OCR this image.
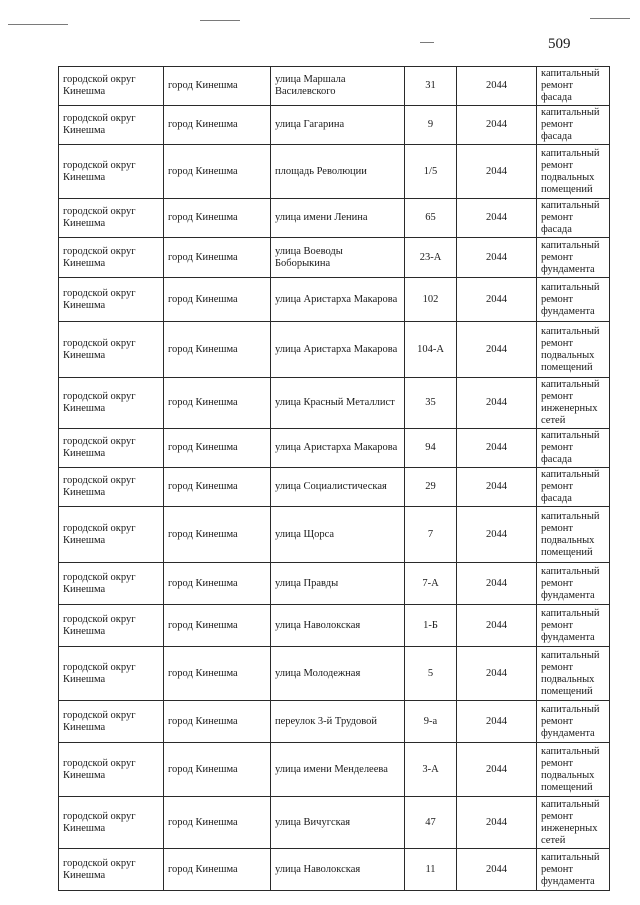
509
городской округ Кинешма	город Кинешма	улица Маршала Василевского	31	2044	капитальный ремонт фасада
городской округ Кинешма	город Кинешма	улица Гагарина	9	2044	капитальный ремонт фасада
городской округ Кинешма	город Кинешма	площадь Революции	1/5	2044	капитальный ремонт подвальных помещений
городской округ Кинешма	город Кинешма	улица имени Ленина	65	2044	капитальный ремонт фасада
городской округ Кинешма	город Кинешма	улица Воеводы Боборыкина	23-А	2044	капитальный ремонт фундамента
городской округ Кинешма	город Кинешма	улица Аристарха Макарова	102	2044	капитальный ремонт фундамента
городской округ Кинешма	город Кинешма	улица Аристарха Макарова	104-А	2044	капитальный ремонт подвальных помещений
городской округ Кинешма	город Кинешма	улица Красный Металлист	35	2044	капитальный ремонт инженерных сетей
городской округ Кинешма	город Кинешма	улица Аристарха Макарова	94	2044	капитальный ремонт фасада
городской округ Кинешма	город Кинешма	улица Социалистическая	29	2044	капитальный ремонт фасада
городской округ Кинешма	город Кинешма	улица Щорса	7	2044	капитальный ремонт подвальных помещений
городской округ Кинешма	город Кинешма	улица Правды	7-А	2044	капитальный ремонт фундамента
городской округ Кинешма	город Кинешма	улица Наволокская	1-Б	2044	капитальный ремонт фундамента
городской округ Кинешма	город Кинешма	улица Молодежная	5	2044	капитальный ремонт подвальных помещений
городской округ Кинешма	город Кинешма	переулок 3-й Трудовой	9-а	2044	капитальный ремонт фундамента
городской округ Кинешма	город Кинешма	улица имени Менделеева	3-А	2044	капитальный ремонт подвальных помещений
городской округ Кинешма	город Кинешма	улица Вичугская	47	2044	капитальный ремонт инженерных сетей
городской округ Кинешма	город Кинешма	улица Наволокская	11	2044	капитальный ремонт фундамента
